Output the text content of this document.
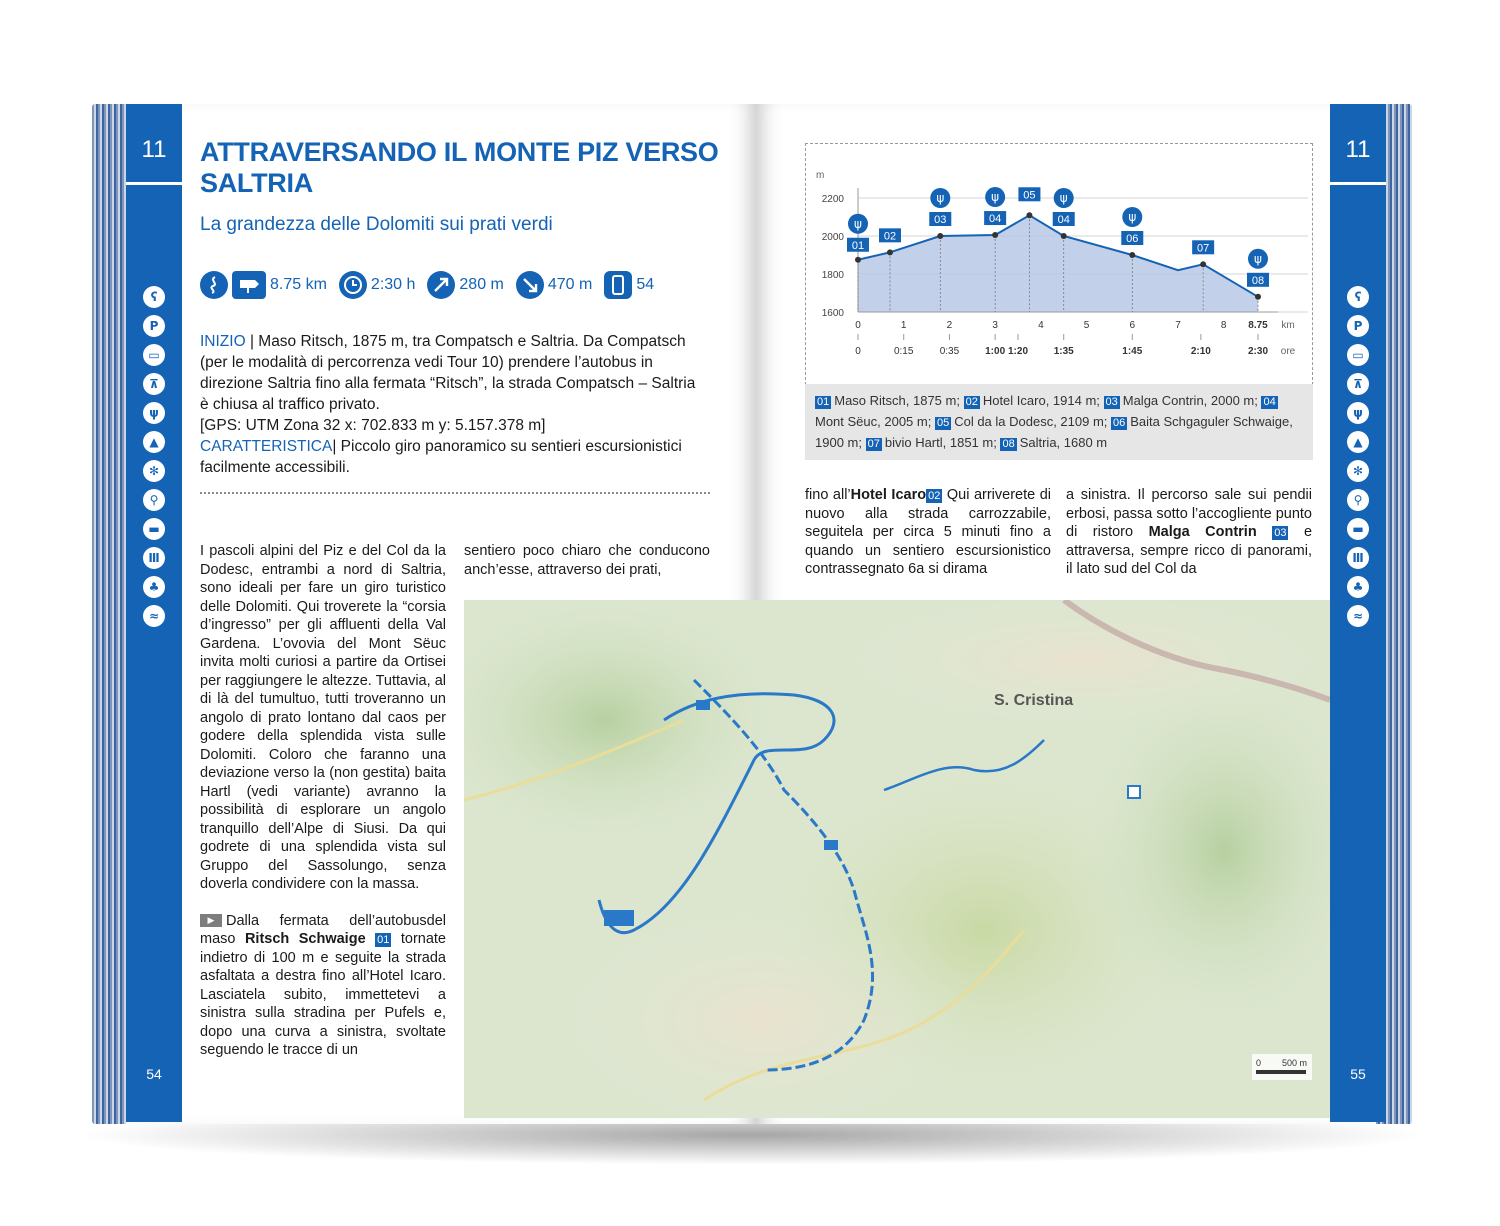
11
ʕ
P
▭
⊼
ψ
▲
✻
⚲
▬
Ⅲ
♣
≈
54
11
ʕ
P
▭
⊼
ψ
▲
✻
⚲
▬
Ⅲ
♣
≈
55
ATTRAVERSANDO IL MONTE PIZ VERSO SALTRIA
La grandezza delle Dolomiti sui prati verdi
8.75 km	2:30 h	280 m	470 m	54

INIZIO | Maso Ritsch, 1875 m, tra Compatsch e Saltria. Da Compatsch (per le modalità di percorrenza vedi Tour 10) prendere l’autobus in direzione Saltria fino alla fermata “Ritsch”, la strada Compatsch – Saltria è chiusa al traffico privato.

[GPS: UTM Zona 32 x: 702.833 m y: 5.157.378 m]

CARATTERISTICA| Piccolo giro panoramico su sentieri escursionistici facilmente accessibili.

I pascoli alpini del Piz e del Col da la Dodesc, entrambi a nord di Saltria, sono ideali per fare un giro turistico delle Dolomiti. Qui troverete la “corsia d’ingresso” per gli affluenti della Val Gardena. L’ovovia del Mont Sëuc invita molti curiosi a partire da Ortisei per raggiungere le altezze. Tuttavia, al di là del tumultuo, tutti troveranno un angolo di prato lontano dal caos per godere della splendida vista sulle Dolomiti. Coloro che faranno una deviazione verso la (non gestita) baita Hartl (vedi variante) avranno la possibilità di esplorare un angolo tranquillo dell’Alpe di Siusi. Da qui godrete di una splendida vista sul Gruppo del Sassolungo, senza doverla condividere con la massa.

▶ Dalla fermata dell’autobusdel maso Ritsch Schwaige 01 tornate indietro di 100 m e seguite la strada asfaltata a destra fino all’Hotel Icaro. Lasciatela subito, immettetevi a sinistra sulla stradina per Pufels e, dopo una curva a sinistra, svoltate seguendo le tracce di un

sentiero poco chiaro che conducono anch’esse, attraverso dei prati,

fino all’Hotel Icaro 02 Qui arriverete di nuovo alla strada carrozzabile, seguitela per circa 5 minuti fino a quando un sentiero escursionistico contrassegnato 6a si dirama

a sinistra. Il percorso sale sui pendii erbosi, passa sotto l’accogliente punto di ristoro Malga Contrin 03 e attraversa, sempre ricco di panorami, il lato sud del Col da

m
2200
2000
1800
1600
0	1	2	3	4	5	6	7	8 8.75 km
0	0:15	0:35	1:00 1:20	1:35	1:45	2:10	2:30 ore
01
ψ
02
03
ψ
04
ψ 05
04
ψ
06
ψ
07
08
ψ
01 Maso Ritsch, 1875 m; 02 Hotel Icaro, 1914 m; 03 Malga Contrin, 2000 m; 04Mont Sëuc, 2005 m; 05 Col da la Dodesc, 2109 m; 06 Baita Schgaguler Schwaige, 1900 m; 07 bivio Hartl, 1851 m; 08 Saltria, 1680 m
S. Cristina
0 500 m
